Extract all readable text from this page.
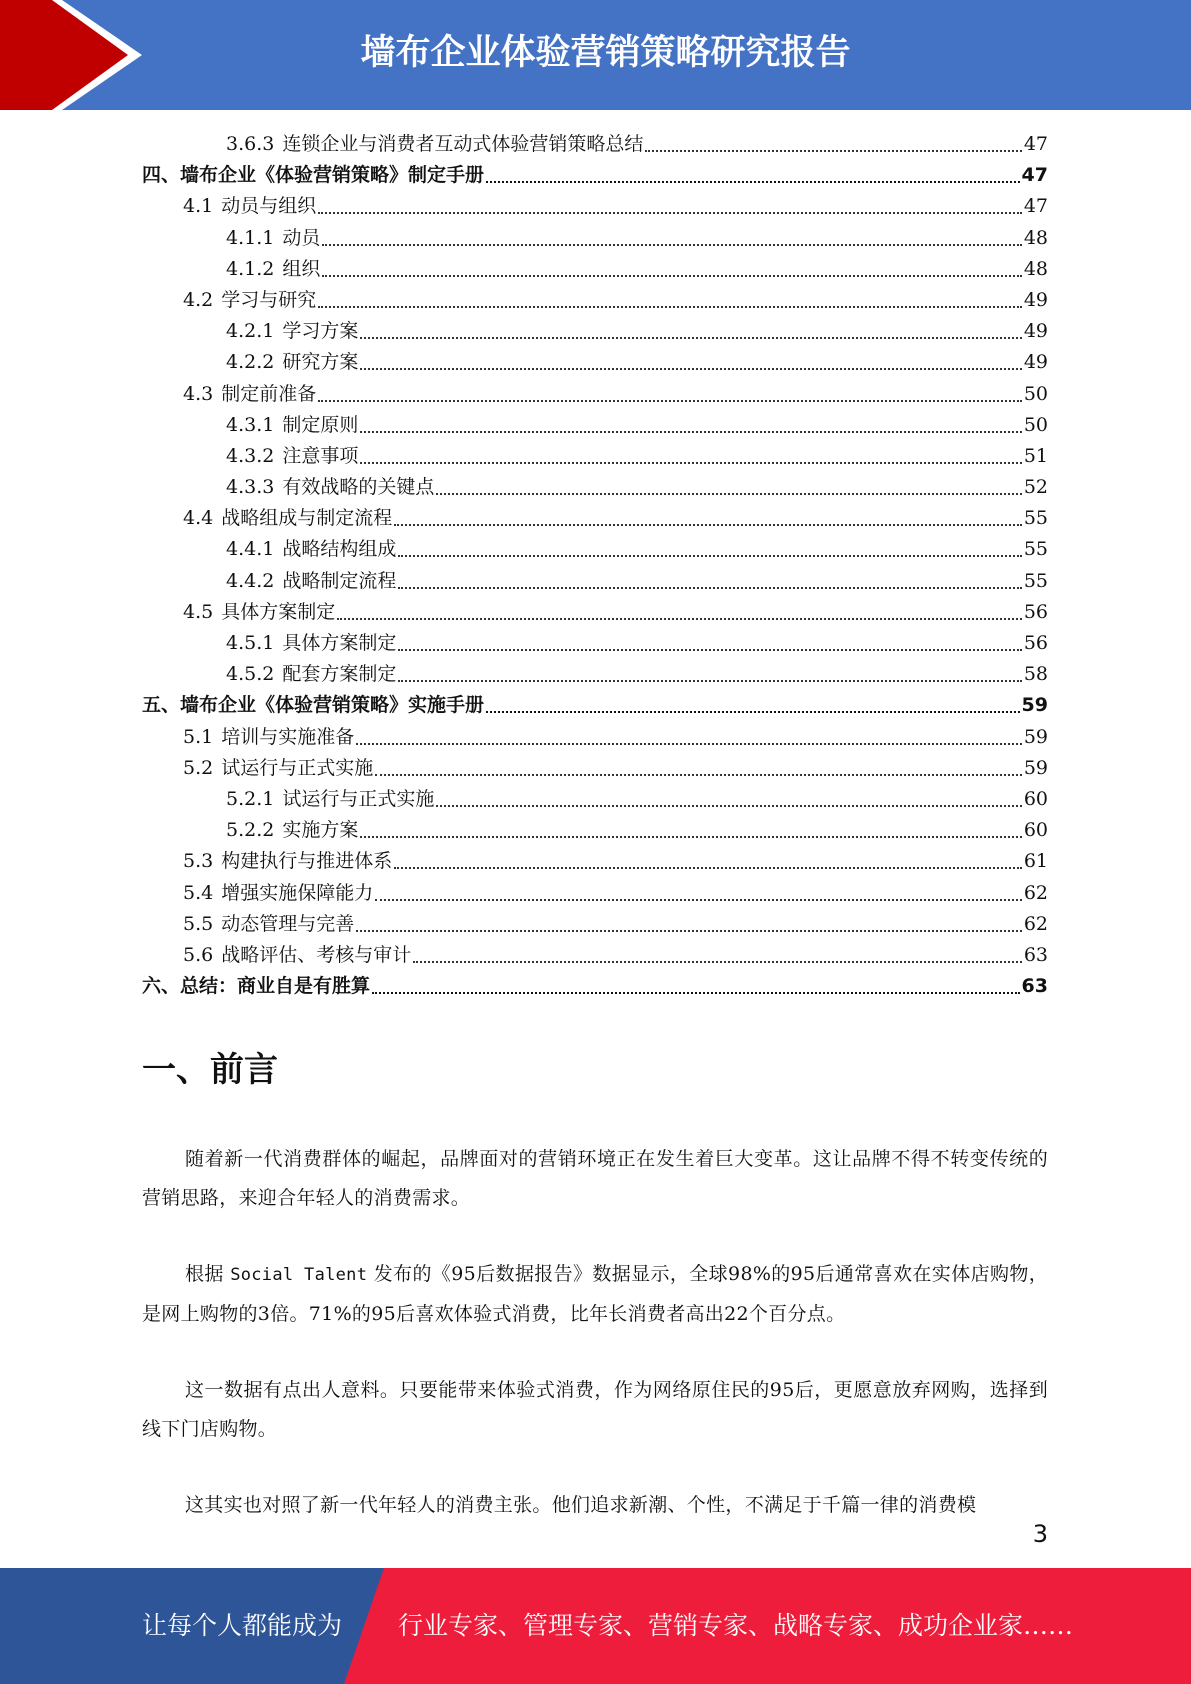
墙布企业体验营销策略研究报告
3.6.3 连锁企业与消费者互动式体验营销策略总结	47
四、墙布企业《体验营销策略》制定手册	47
4.1 动员与组织	47
4.1.1 动员	48
4.1.2 组织	48
4.2 学习与研究	49
4.2.1 学习方案	49
4.2.2 研究方案	49
4.3 制定前准备	50
4.3.1 制定原则	50
4.3.2 注意事项	51
4.3.3 有效战略的关键点	52
4.4 战略组成与制定流程	55
4.4.1 战略结构组成	55
4.4.2 战略制定流程	55
4.5 具体方案制定	56
4.5.1 具体方案制定	56
4.5.2 配套方案制定	58
五、墙布企业《体验营销策略》实施手册	59
5.1 培训与实施准备	59
5.2 试运行与正式实施	59
5.2.1 试运行与正式实施	60
5.2.2 实施方案	60
5.3 构建执行与推进体系	61
5.4 增强实施保障能力	62
5.5 动态管理与完善	62
5.6 战略评估、考核与审计	63
六、总结：商业自是有胜算	63
一、前言

随着新一代消费群体的崛起，品牌面对的营销环境正在发生着巨大变革。这让品牌不得不转变传统的营销思路，来迎合年轻人的消费需求。

根据 Social Talent 发布的《95后数据报告》数据显示，全球98%的95后通常喜欢在实体店购物，是网上购物的3倍。71%的95后喜欢体验式消费，比年长消费者高出22个百分点。

这一数据有点出人意料。只要能带来体验式消费，作为网络原住民的95后，更愿意放弃网购，选择到线下门店购物。

这其实也对照了新一代年轻人的消费主张。他们追求新潮、个性，不满足于千篇一律的消费模

3
让每个人都能成为 行业专家、管理专家、营销专家、战略专家、成功企业家……
